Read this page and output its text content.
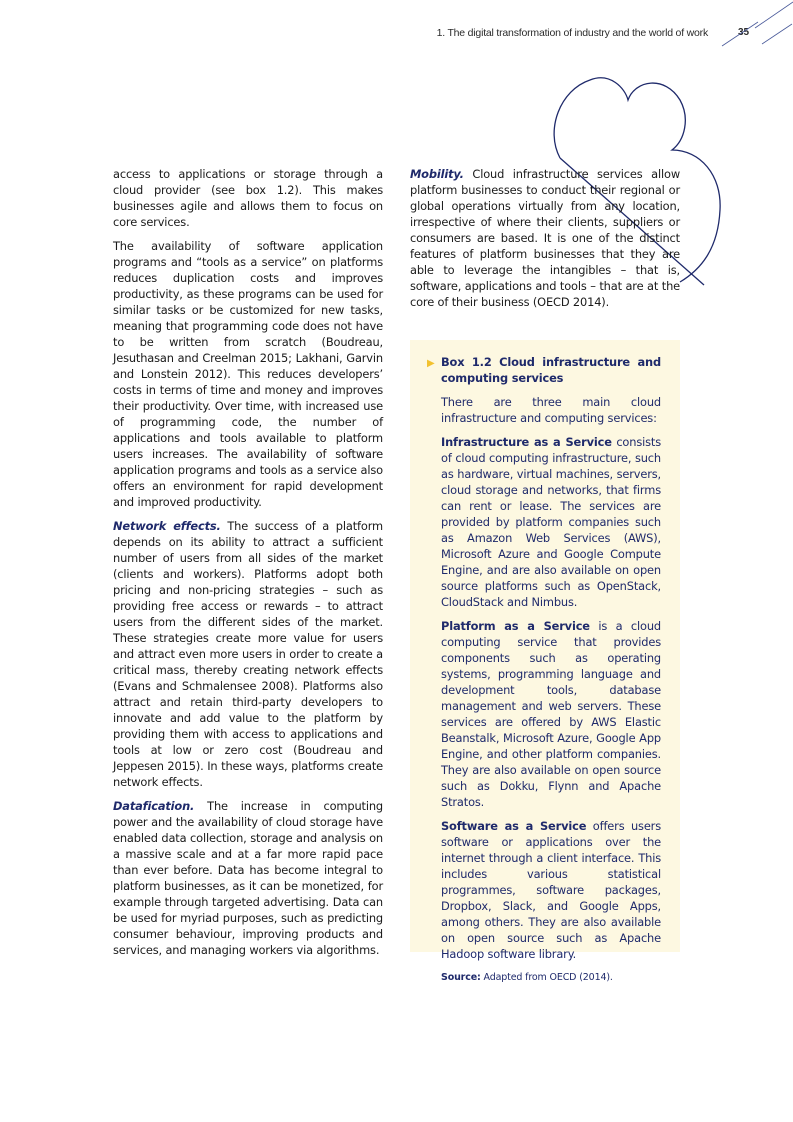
1. The digital transformation of industry and the world of work	35

access to applications or storage through a cloud provider (see box 1.2). This makes businesses agile and allows them to focus on core services.

The availability of software application programs and “tools as a service” on platforms reduces duplication costs and improves productivity, as these programs can be used for similar tasks or be customized for new tasks, meaning that programming code does not have to be written from scratch (Boudreau, Jesuthasan and Creelman 2015; Lakhani, Garvin and Lonstein 2012). This reduces developers’ costs in terms of time and money and improves their productivity. Over time, with increased use of programming code, the number of applications and tools available to platform users increases. The availability of software application programs and tools as a service also offers an environment for rapid development and improved productivity.

Network effects. The success of a platform depends on its ability to attract a sufficient number of users from all sides of the market (clients and workers). Platforms adopt both pricing and non-pricing strategies – such as providing free access or rewards – to attract users from the different sides of the market. These strategies create more value for users and attract even more users in order to create a critical mass, thereby creating network effects (Evans and Schmalensee 2008). Platforms also attract and retain third-party developers to innovate and add value to the platform by providing them with access to applications and tools at low or zero cost (Boudreau and Jeppesen 2015). In these ways, platforms create network effects.

Datafication. The increase in computing power and the availability of cloud storage have enabled data collection, storage and analysis on a massive scale and at a far more rapid pace than ever before. Data has become integral to platform businesses, as it can be monetized, for example through targeted advertising. Data can be used for myriad purposes, such as predicting consumer behaviour, improving products and services, and managing workers via algorithms.

Mobility. Cloud infrastructure services allow platform businesses to conduct their regional or global operations virtually from any location, irrespective of where their clients, suppliers or consumers are based. It is one of the distinct features of platform businesses that they are able to leverage the intangibles – that is, software, applications and tools – that are at the core of their business (OECD 2014).

▶ Box 1.2 Cloud infrastructure and computing services

There are three main cloud infrastructure and computing services:

Infrastructure as a Service consists of cloud computing infrastructure, such as hardware, virtual machines, servers, cloud storage and networks, that firms can rent or lease. The services are provided by platform companies such as Amazon Web Services (AWS), Microsoft Azure and Google Compute Engine, and are also available on open source platforms such as OpenStack, CloudStack and Nimbus.

Platform as a Service is a cloud computing service that provides components such as operating systems, programming language and development tools, database management and web servers. These services are offered by AWS Elastic Beanstalk, Microsoft Azure, Google App Engine, and other platform companies. They are also available on open source such as Dokku, Flynn and Apache Stratos.

Software as a Service offers users software or applications over the internet through a client interface. This includes various statistical programmes, software packages, Dropbox, Slack, and Google Apps, among others. They are also available on open source such as Apache Hadoop software library.

Source: Adapted from OECD (2014).
